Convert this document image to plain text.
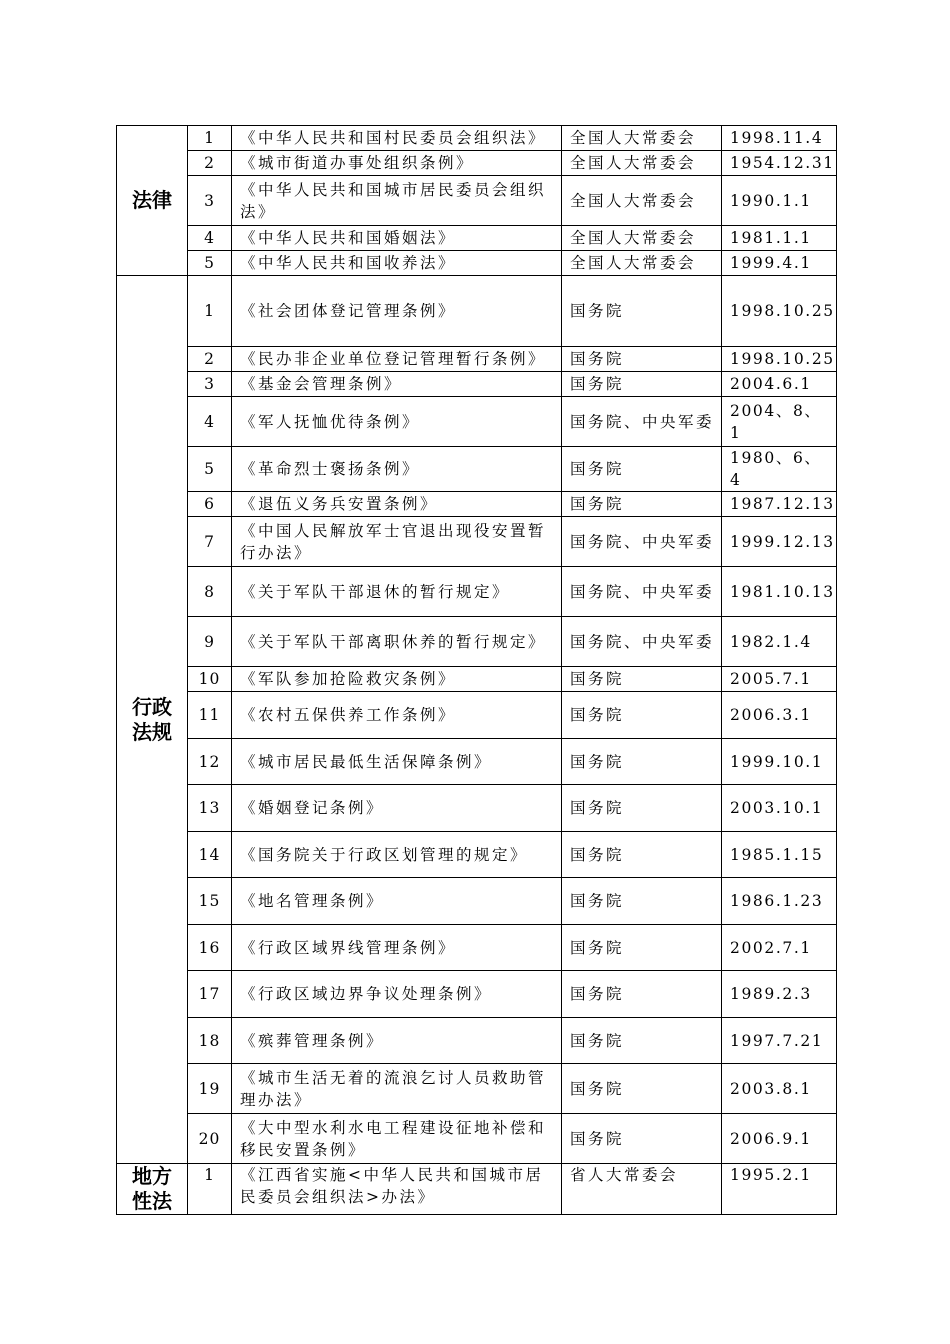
法律	1	《中华人民共和国村民委员会组织法》	全国人大常委会	1998.11.4
	2	《城市街道办事处组织条例》	全国人大常委会	1954.12.31
	3	《中华人民共和国城市居民委员会组织法》	全国人大常委会	1990.1.1
	4	《中华人民共和国婚姻法》	全国人大常委会	1981.1.1
	5	《中华人民共和国收养法》	全国人大常委会	1999.4.1
行政法规	1	《社会团体登记管理条例》	国务院	1998.10.25
	2	《民办非企业单位登记管理暂行条例》	国务院	1998.10.25
	3	《基金会管理条例》	国务院	2004.6.1
	4	《军人抚恤优待条例》	国务院、中央军委	2004、8、1
	5	《革命烈士褒扬条例》	国务院	1980、6、4
	6	《退伍义务兵安置条例》	国务院	1987.12.13
	7	《中国人民解放军士官退出现役安置暂行办法》	国务院、中央军委	1999.12.13
	8	《关于军队干部退休的暂行规定》	国务院、中央军委	1981.10.13
	9	《关于军队干部离职休养的暂行规定》	国务院、中央军委	1982.1.4
	10	《军队参加抢险救灾条例》	国务院	2005.7.1
	11	《农村五保供养工作条例》	国务院	2006.3.1
	12	《城市居民最低生活保障条例》	国务院	1999.10.1
	13	《婚姻登记条例》	国务院	2003.10.1
	14	《国务院关于行政区划管理的规定》	国务院	1985.1.15
	15	《地名管理条例》	国务院	1986.1.23
	16	《行政区域界线管理条例》	国务院	2002.7.1
	17	《行政区域边界争议处理条例》	国务院	1989.2.3
	18	《殡葬管理条例》	国务院	1997.7.21
	19	《城市生活无着的流浪乞讨人员救助管理办法》	国务院	2003.8.1
	20	《大中型水利水电工程建设征地补偿和移民安置条例》	国务院	2006.9.1
地方性法	1	《江西省实施<中华人民共和国城市居民委员会组织法>办法》	省人大常委会	1995.2.1
